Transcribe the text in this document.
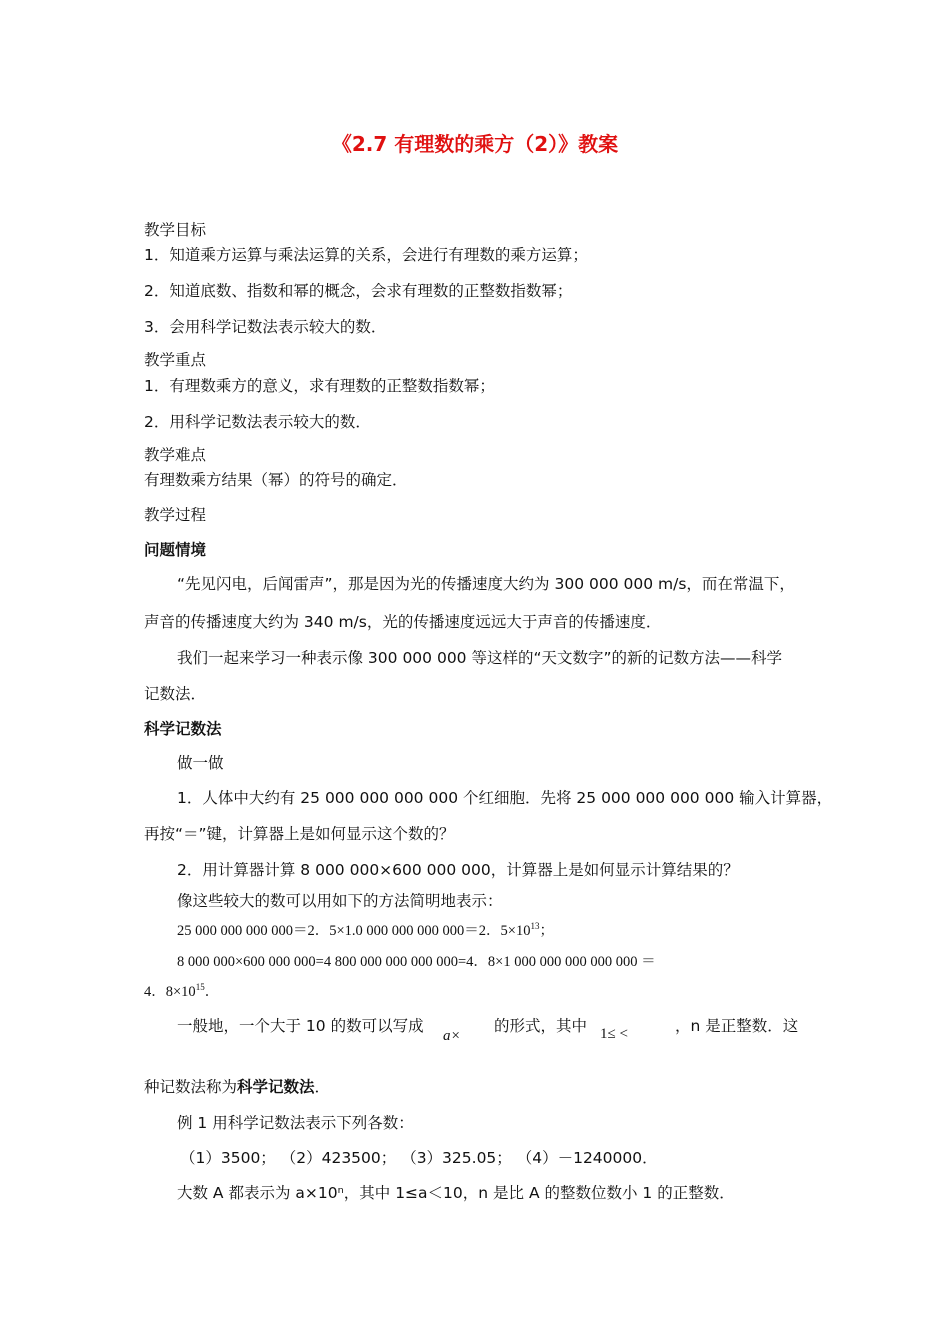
《2.7 有理数的乘方（2）》教案
教学目标
1．知道乘方运算与乘法运算的关系，会进行有理数的乘方运算；
2．知道底数、指数和幂的概念，会求有理数的正整数指数幂；
3．会用科学记数法表示较大的数．
教学重点
1．有理数乘方的意义，求有理数的正整数指数幂；
2．用科学记数法表示较大的数．
教学难点
有理数乘方结果（幂）的符号的确定．
教学过程
问题情境
“先见闪电，后闻雷声”，那是因为光的传播速度大约为 300 000 000 m/s，而在常温下，
声音的传播速度大约为 340 m/s，光的传播速度远远大于声音的传播速度．
我们一起来学习一种表示像 300 000 000 等这样的“天文数字”的新的记数方法——科学
记数法．
科学记数法
做一做
1．人体中大约有 25 000 000 000 000 个红细胞．先将 25 000 000 000 000 输入计算器，
再按“＝”键，计算器上是如何显示这个数的？
2．用计算器计算 8 000 000×600 000 000，计算器上是如何显示计算结果的？
像这些较大的数可以用如下的方法简明地表示：
25 000 000 000 000＝2．5×1.0 000 000 000 000＝2．$5\times 10^{13}$；
8 000 000×600 000 000=4 800 000 000 000 000=4．8×1 000 000 000 000 000 ＝
4．$8\times 10^{15}$．
一般地，一个大于 10 的数可以写成
a×
的形式，其中 1≤ <	，n 是正整数．这
种记数法称为科学记数法．
例 1 用科学记数法表示下列各数：
（1）3500； （2）423500； （3）325.05； （4）－1240000．
大数 A 都表示为 a×10ⁿ，其中 1≤a＜10，n 是比 A 的整数位数小 1 的正整数．
